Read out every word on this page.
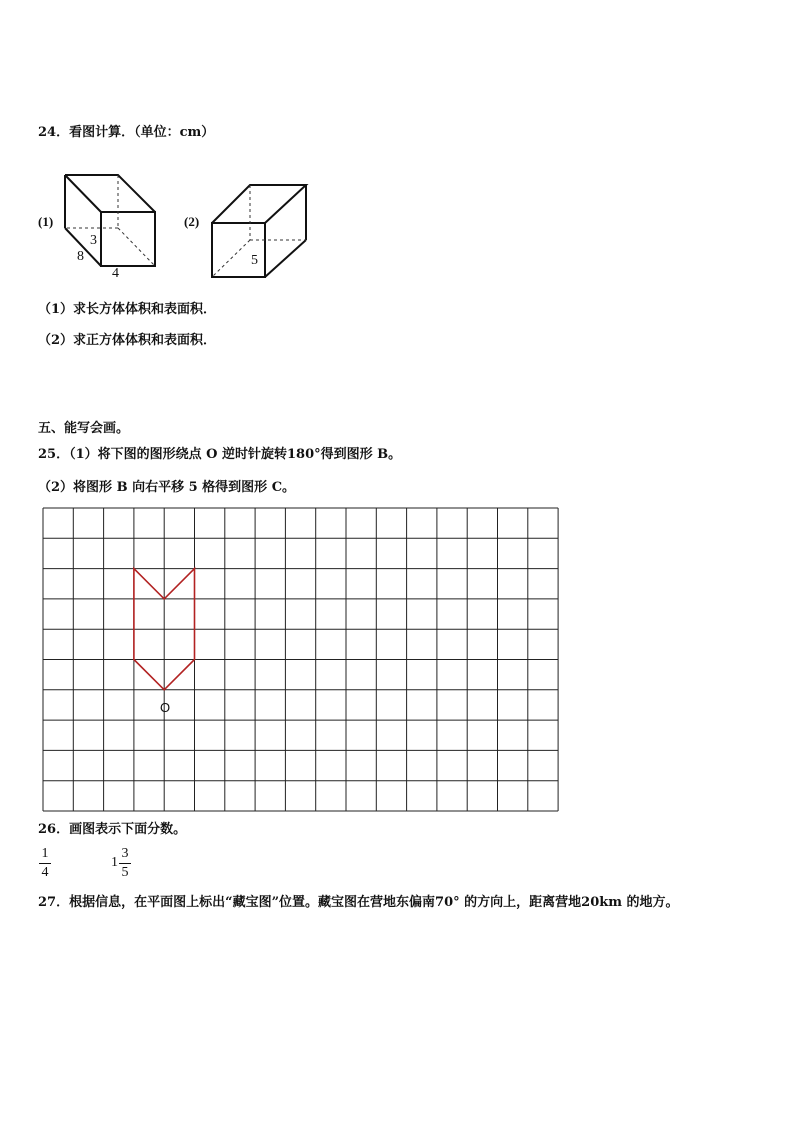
24．看图计算．（单位：cm）
(1)
3
8
4
(2)
5
（1）求长方体体积和表面积．
（2）求正方体体积和表面积．
五、能写会画。
25．（1）将下图的图形绕点 O 逆时针旋转180°得到图形 B。
（2）将图形 B 向右平移 5 格得到图形 C。
O
26．画图表示下面分数。
1
4
1
3
5
27．根据信息，在平面图上标出“藏宝图”位置。藏宝图在营地东偏南70° 的方向上，距离营地20km 的地方。
